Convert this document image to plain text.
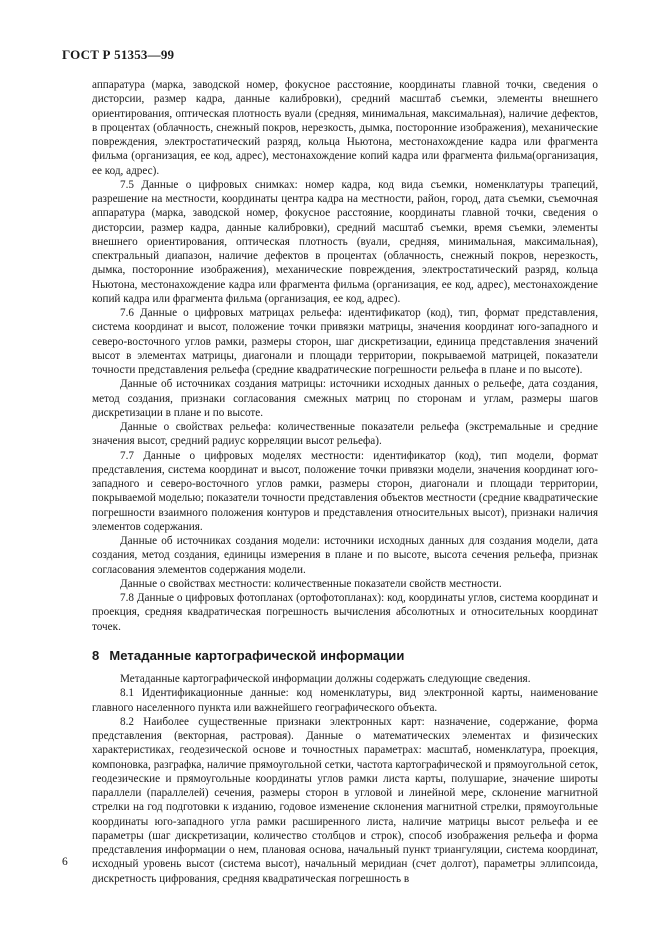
ГОСТ Р 51353—99

аппаратура (марка, заводской номер, фокусное расстояние, координаты главной точки, сведения о дисторсии, размер кадра, данные калибровки), средний масштаб съемки, элементы внешнего ориентирования, оптическая плотность вуали (средняя, минимальная, максимальная), наличие дефектов, в процентах (облачность, снежный покров, нерезкость, дымка, посторонние изображения), механические повреждения, электростатический разряд, кольца Ньютона, местонахождение кадра или фрагмента фильма (организация, ее код, адрес), местонахождение копий кадра или фрагмента фильма(организация, ее код, адрес).

7.5 Данные о цифровых снимках: номер кадра, код вида съемки, номенклатуры трапеций, разрешение на местности, координаты центра кадра на местности, район, город, дата съемки, съемочная аппаратура (марка, заводской номер, фокусное расстояние, координаты главной точки, сведения о дисторсии, размер кадра, данные калибровки), средний масштаб съемки, время съемки, элементы внешнего ориентирования, оптическая плотность (вуали, средняя, минимальная, максимальная), спектральный диапазон, наличие дефектов в процентах (облачность, снежный покров, нерезкость, дымка, посторонние изображения), механические повреждения, электростатический разряд, кольца Ньютона, местонахождение кадра или фрагмента фильма (организация, ее код, адрес), местонахождение копий кадра или фрагмента фильма (организация, ее код, адрес).

7.6 Данные о цифровых матрицах рельефа: идентификатор (код), тип, формат представления, система координат и высот, положение точки привязки матрицы, значения координат юго-западного и северо-восточного углов рамки, размеры сторон, шаг дискретизации, единица представления значений высот в элементах матрицы, диагонали и площади территории, покрываемой матрицей, показатели точности представления рельефа (средние квадратические погрешности рельефа в плане и по высоте).

Данные об источниках создания матрицы: источники исходных данных о рельефе, дата создания, метод создания, признаки согласования смежных матриц по сторонам и углам, размеры шагов дискретизации в плане и по высоте.

Данные о свойствах рельефа: количественные показатели рельефа (экстремальные и средние значения высот, средний радиус корреляции высот рельефа).

7.7 Данные о цифровых моделях местности: идентификатор (код), тип модели, формат представления, система координат и высот, положение точки привязки модели, значения координат юго-западного и северо-восточного углов рамки, размеры сторон, диагонали и площади территории, покрываемой моделью; показатели точности представления объектов местности (средние квадратические погрешности взаимного положения контуров и представления относительных высот), признаки наличия элементов содержания.

Данные об источниках создания модели: источники исходных данных для создания модели, дата создания, метод создания, единицы измерения в плане и по высоте, высота сечения рельефа, признак согласования элементов содержания модели.

Данные о свойствах местности: количественные показатели свойств местности.

7.8 Данные о цифровых фотопланах (ортофотопланах): код, координаты углов, система координат и проекция, средняя квадратическая погрешность вычисления абсолютных и относительных координат точек.

8 Метаданные картографической информации

Метаданные картографической информации должны содержать следующие сведения.

8.1 Идентификационные данные: код номенклатуры, вид электронной карты, наименование главного населенного пункта или важнейшего географического объекта.

8.2 Наиболее существенные признаки электронных карт: назначение, содержание, форма представления (векторная, растровая). Данные о математических элементах и физических характеристиках, геодезической основе и точностных параметрах: масштаб, номенклатура, проекция, компоновка, разграфка, наличие прямоугольной сетки, частота картографической и прямоугольной сеток, геодезические и прямоугольные координаты углов рамки листа карты, полушарие, значение широты параллели (параллелей) сечения, размеры сторон в угловой и линейной мере, склонение магнитной стрелки на год подготовки к изданию, годовое изменение склонения магнитной стрелки, прямоугольные координаты юго-западного угла рамки расширенного листа, наличие матрицы высот рельефа и ее параметры (шаг дискретизации, количество столбцов и строк), способ изображения рельефа и форма представления информации о нем, плановая основа, начальный пункт триангуляции, система координат, исходный уровень высот (система высот), начальный меридиан (счет долгот), параметры эллипсоида, дискретность цифрования, средняя квадратическая погрешность в

6
